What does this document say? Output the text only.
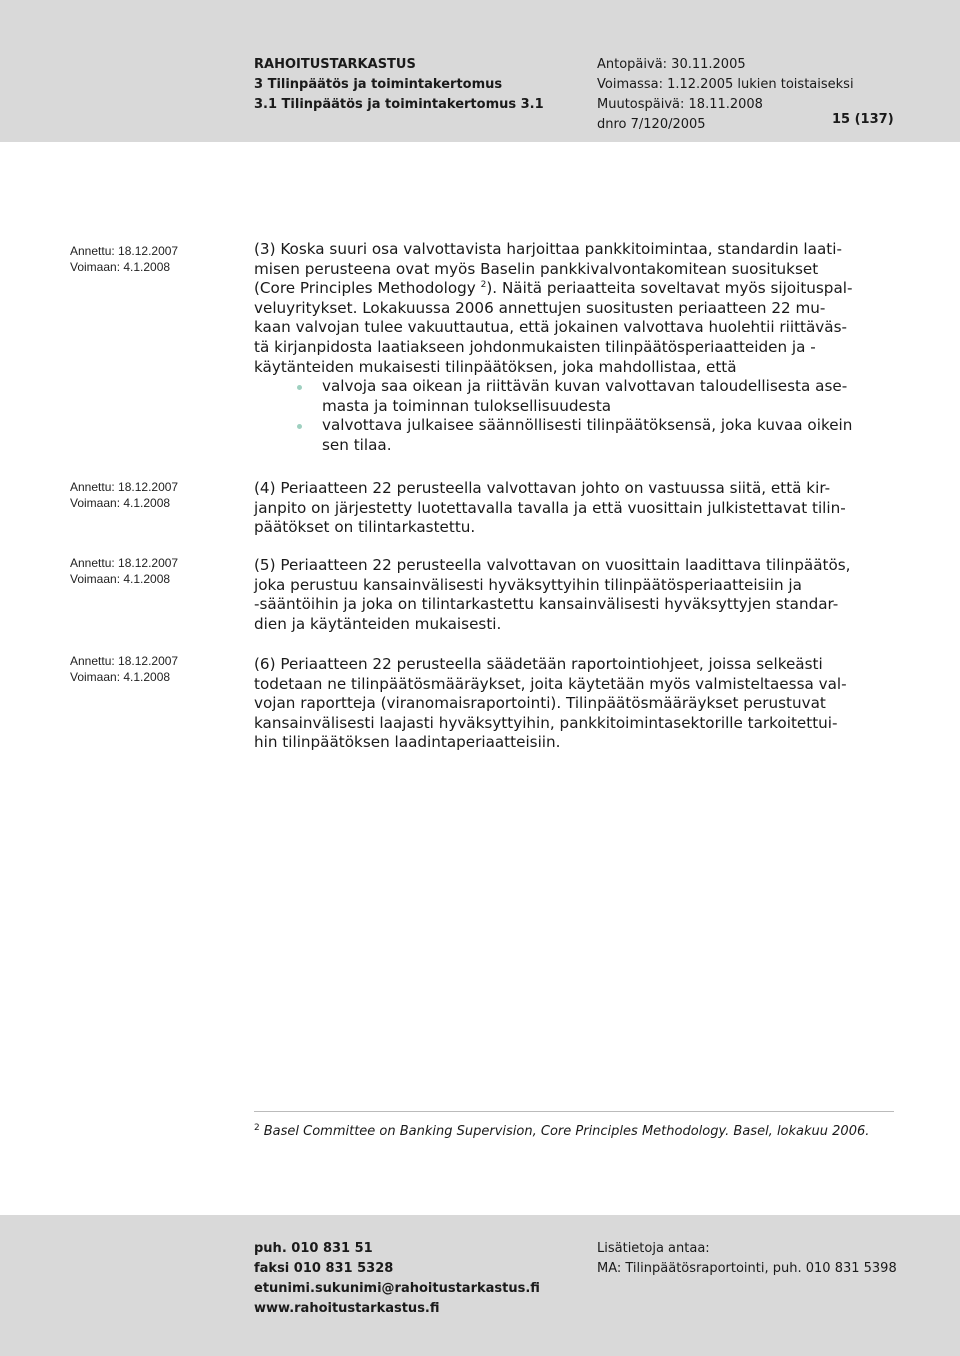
RAHOITUSTARKASTUS
3 Tilinpäätös ja toimintakertomus
3.1 Tilinpäätös ja toimintakertomus 3.1
Antopäivä: 30.11.2005
Voimassa: 1.12.2005 lukien toistaiseksi
Muutospäivä: 18.11.2008
dnro 7/120/2005	15 (137)
Annettu: 18.12.2007
Voimaan: 4.1.2008
Annettu: 18.12.2007
Voimaan: 4.1.2008
Annettu: 18.12.2007
Voimaan: 4.1.2008
Annettu: 18.12.2007
Voimaan: 4.1.2008
(3) Koska suuri osa valvottavista harjoittaa pankkitoimintaa, standardin laati-
misen perusteena ovat myös Baselin pankkivalvontakomitean suositukset
(Core Principles Methodology $^2$). Näitä periaatteita soveltavat myös sijoituspal-
veluyritykset. Lokakuussa 2006 annettujen suositusten periaatteen 22 mu-
kaan valvojan tulee vakuuttautua, että jokainen valvottava huolehtii riittäväs-
tä kirjanpidosta laatiakseen johdonmukaisten tilinpäätösperiaatteiden ja -
käytänteiden mukaisesti tilinpäätöksen, joka mahdollistaa, että
valvoja saa oikean ja riittävän kuvan valvottavan taloudellisesta ase-
masta ja toiminnan tuloksellisuudesta
valvottava julkaisee säännöllisesti tilinpäätöksensä, joka kuvaa oikein
sen tilaa.
(4) Periaatteen 22 perusteella valvottavan johto on vastuussa siitä, että kir-
janpito on järjestetty luotettavalla tavalla ja että vuosittain julkistettavat tilin-
päätökset on tilintarkastettu.
(5) Periaatteen 22 perusteella valvottavan on vuosittain laadittava tilinpäätös,
joka perustuu kansainvälisesti hyväksyttyihin tilinpäätösperiaatteisiin ja
-sääntöihin ja joka on tilintarkastettu kansainvälisesti hyväksyttyjen standar-
dien ja käytänteiden mukaisesti.
(6) Periaatteen 22 perusteella säädetään raportointiohjeet, joissa selkeästi
todetaan ne tilinpäätösmääräykset, joita käytetään myös valmisteltaessa val-
vojan raportteja (viranomaisraportointi). Tilinpäätösmääräykset perustuvat
kansainvälisesti laajasti hyväksyttyihin, pankkitoimintasektorille tarkoitettui-
hin tilinpäätöksen laadintaperiaatteisiin.
$^2$ Basel Committee on Banking Supervision, Core Principles Methodology. Basel, lokakuu 2006.
puh. 010 831 51
faksi 010 831 5328
etunimi.sukunimi@rahoitustarkastus.fi
www.rahoitustarkastus.fi
Lisätietoja antaa:
MA: Tilinpäätösraportointi, puh. 010 831 5398
